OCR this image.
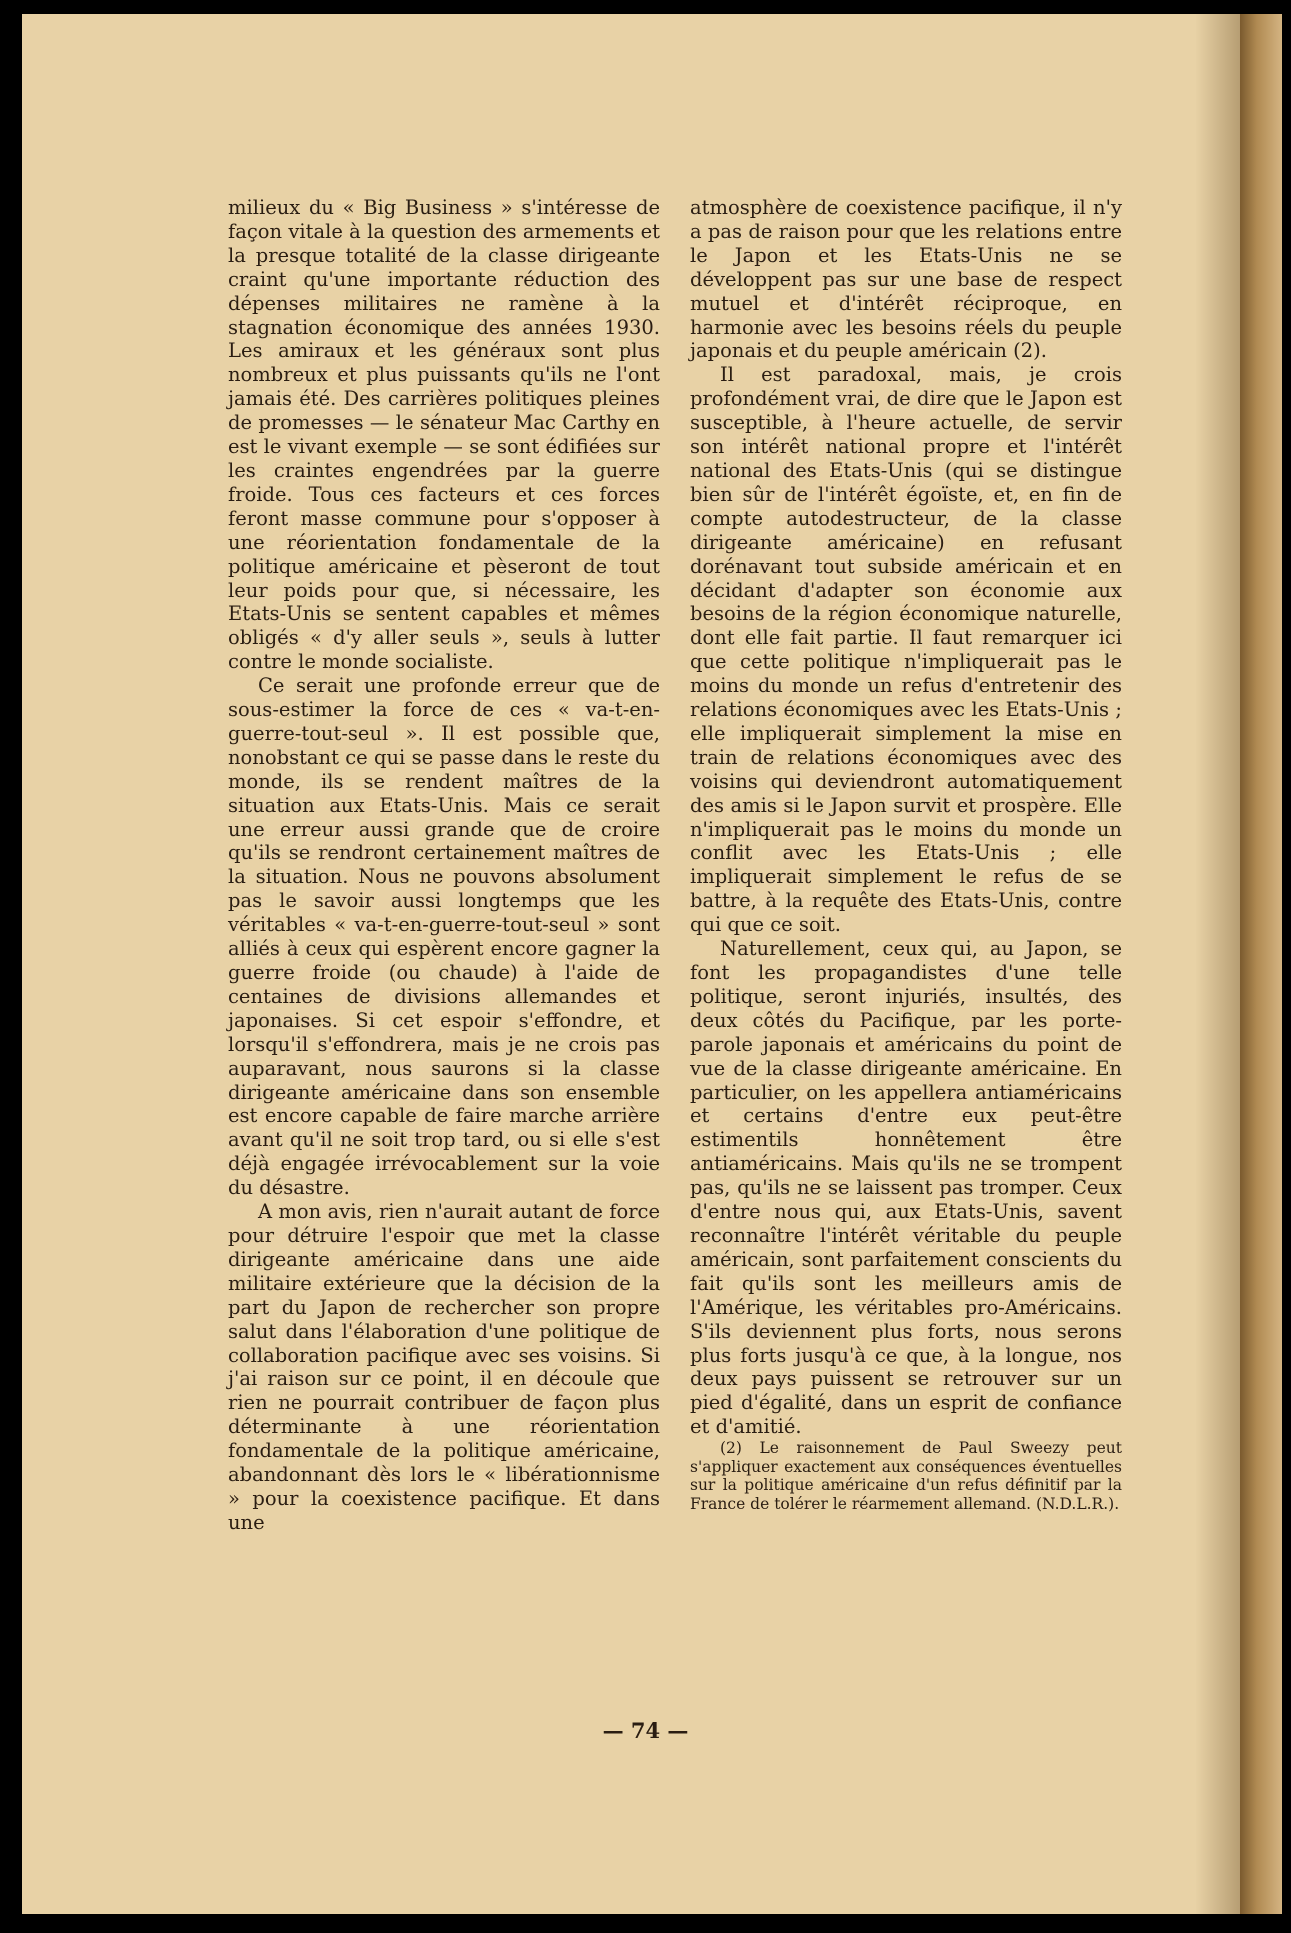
milieux du « Big Business » s'intéresse de façon vitale à la question des armements et la presque totalité de la classe dirigeante craint qu'une importante réduction des dépenses militaires ne ramène à la stagnation économique des années 1930. Les amiraux et les généraux sont plus nombreux et plus puissants qu'ils ne l'ont jamais été. Des carrières politiques pleines de promesses — le sénateur Mac Carthy en est le vivant exemple — se sont édifiées sur les craintes engendrées par la guerre froide. Tous ces facteurs et ces forces feront masse commune pour s'opposer à une réorientation fondamentale de la politique américaine et pèseront de tout leur poids pour que, si nécessaire, les Etats-Unis se sentent capables et mêmes obligés « d'y aller seuls », seuls à lutter contre le monde socialiste.

Ce serait une profonde erreur que de sous-estimer la force de ces « va-t-en-guerre-tout-seul ». Il est possible que, nonobstant ce qui se passe dans le reste du monde, ils se rendent maîtres de la situation aux Etats-Unis. Mais ce serait une erreur aussi grande que de croire qu'ils se rendront certainement maîtres de la situation. Nous ne pouvons absolument pas le savoir aussi longtemps que les véritables « va-t-en-guerre-tout-seul » sont alliés à ceux qui espèrent encore gagner la guerre froide (ou chaude) à l'aide de centaines de divisions allemandes et japonaises. Si cet espoir s'effondre, et lorsqu'il s'effondrera, mais je ne crois pas auparavant, nous saurons si la classe dirigeante américaine dans son ensemble est encore capable de faire marche arrière avant qu'il ne soit trop tard, ou si elle s'est déjà engagée irrévocablement sur la voie du désastre.

A mon avis, rien n'aurait autant de force pour détruire l'espoir que met la classe dirigeante américaine dans une aide militaire extérieure que la décision de la part du Japon de rechercher son propre salut dans l'élaboration d'une politique de collaboration pacifique avec ses voisins. Si j'ai raison sur ce point, il en découle que rien ne pourrait contribuer de façon plus déterminante à une réorientation fondamentale de la politique américaine, abandonnant dès lors le « libérationnisme » pour la coexistence pacifique. Et dans une

atmosphère de coexistence pacifique, il n'y a pas de raison pour que les relations entre le Japon et les Etats-Unis ne se développent pas sur une base de respect mutuel et d'intérêt réciproque, en harmonie avec les besoins réels du peuple japonais et du peuple américain (2).

Il est paradoxal, mais, je crois profondément vrai, de dire que le Japon est susceptible, à l'heure actuelle, de servir son intérêt national propre et l'intérêt national des Etats-Unis (qui se distingue bien sûr de l'intérêt égoïste, et, en fin de compte autodestructeur, de la classe dirigeante américaine) en refusant dorénavant tout subside américain et en décidant d'adapter son économie aux besoins de la région économique naturelle, dont elle fait partie. Il faut remarquer ici que cette politique n'impliquerait pas le moins du monde un refus d'entretenir des relations économiques avec les Etats-Unis ; elle impliquerait simplement la mise en train de relations économiques avec des voisins qui deviendront automatiquement des amis si le Japon survit et prospère. Elle n'impliquerait pas le moins du monde un conflit avec les Etats-Unis ; elle impliquerait simplement le refus de se battre, à la requête des Etats-Unis, contre qui que ce soit.

Naturellement, ceux qui, au Japon, se font les propagandistes d'une telle politique, seront injuriés, insultés, des deux côtés du Pacifique, par les porte-parole japonais et américains du point de vue de la classe dirigeante américaine. En particulier, on les appellera antiaméricains et certains d'entre eux peut-être estimentils honnêtement être antiaméricains. Mais qu'ils ne se trompent pas, qu'ils ne se laissent pas tromper. Ceux d'entre nous qui, aux Etats-Unis, savent reconnaître l'intérêt véritable du peuple américain, sont parfaitement conscients du fait qu'ils sont les meilleurs amis de l'Amérique, les véritables pro-Américains. S'ils deviennent plus forts, nous serons plus forts jusqu'à ce que, à la longue, nos deux pays puissent se retrouver sur un pied d'égalité, dans un esprit de confiance et d'amitié.

(2) Le raisonnement de Paul Sweezy peut s'appliquer exactement aux conséquences éventuelles sur la politique américaine d'un refus définitif par la France de tolérer le réarmement allemand. (N.D.L.R.).

— 74 —
